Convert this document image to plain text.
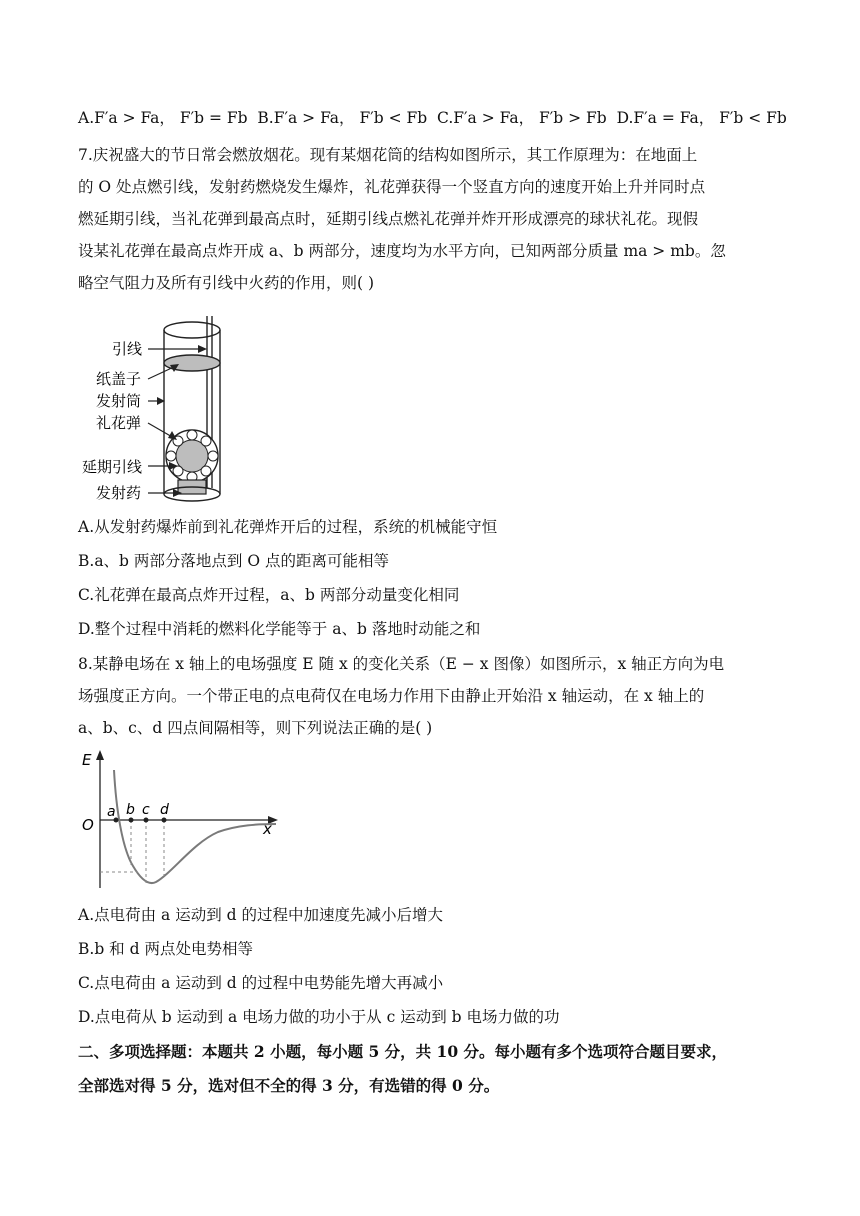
A.F′a > Fa， F′b = Fb B.F′a > Fa， F′b < Fb C.F′a > Fa， F′b > Fb D.F′a = Fa， F′b < Fb
7.庆祝盛大的节日常会燃放烟花。现有某烟花筒的结构如图所示，其工作原理为：在地面上
的 O 处点燃引线，发射药燃烧发生爆炸，礼花弹获得一个竖直方向的速度开始上升并同时点
燃延期引线，当礼花弹到最高点时，延期引线点燃礼花弹并炸开形成漂亮的球状礼花。现假
设某礼花弹在最高点炸开成 a、b 两部分，速度均为水平方向，已知两部分质量 ma > mb。忽
略空气阻力及所有引线中火药的作用，则( )
引线
纸盖子
发射筒
礼花弹
延期引线
发射药
A.从发射药爆炸前到礼花弹炸开后的过程，系统的机械能守恒
B.a、b 两部分落地点到 O 点的距离可能相等
C.礼花弹在最高点炸开过程，a、b 两部分动量变化相同
D.整个过程中消耗的燃料化学能等于 a、b 落地时动能之和
8.某静电场在 x 轴上的电场强度 E 随 x 的变化关系（E − x 图像）如图所示，x 轴正方向为电
场强度正方向。一个带正电的点电荷仅在电场力作用下由静止开始沿 x 轴运动，在 x 轴上的
a、b、c、d 四点间隔相等，则下列说法正确的是( )
E
x
O
a b c d
A.点电荷由 a 运动到 d 的过程中加速度先减小后增大
B.b 和 d 两点处电势相等
C.点电荷由 a 运动到 d 的过程中电势能先增大再减小
D.点电荷从 b 运动到 a 电场力做的功小于从 c 运动到 b 电场力做的功
二、多项选择题：本题共 2 小题，每小题 5 分，共 10 分。每小题有多个选项符合题目要求，
全部选对得 5 分，选对但不全的得 3 分，有选错的得 0 分。
